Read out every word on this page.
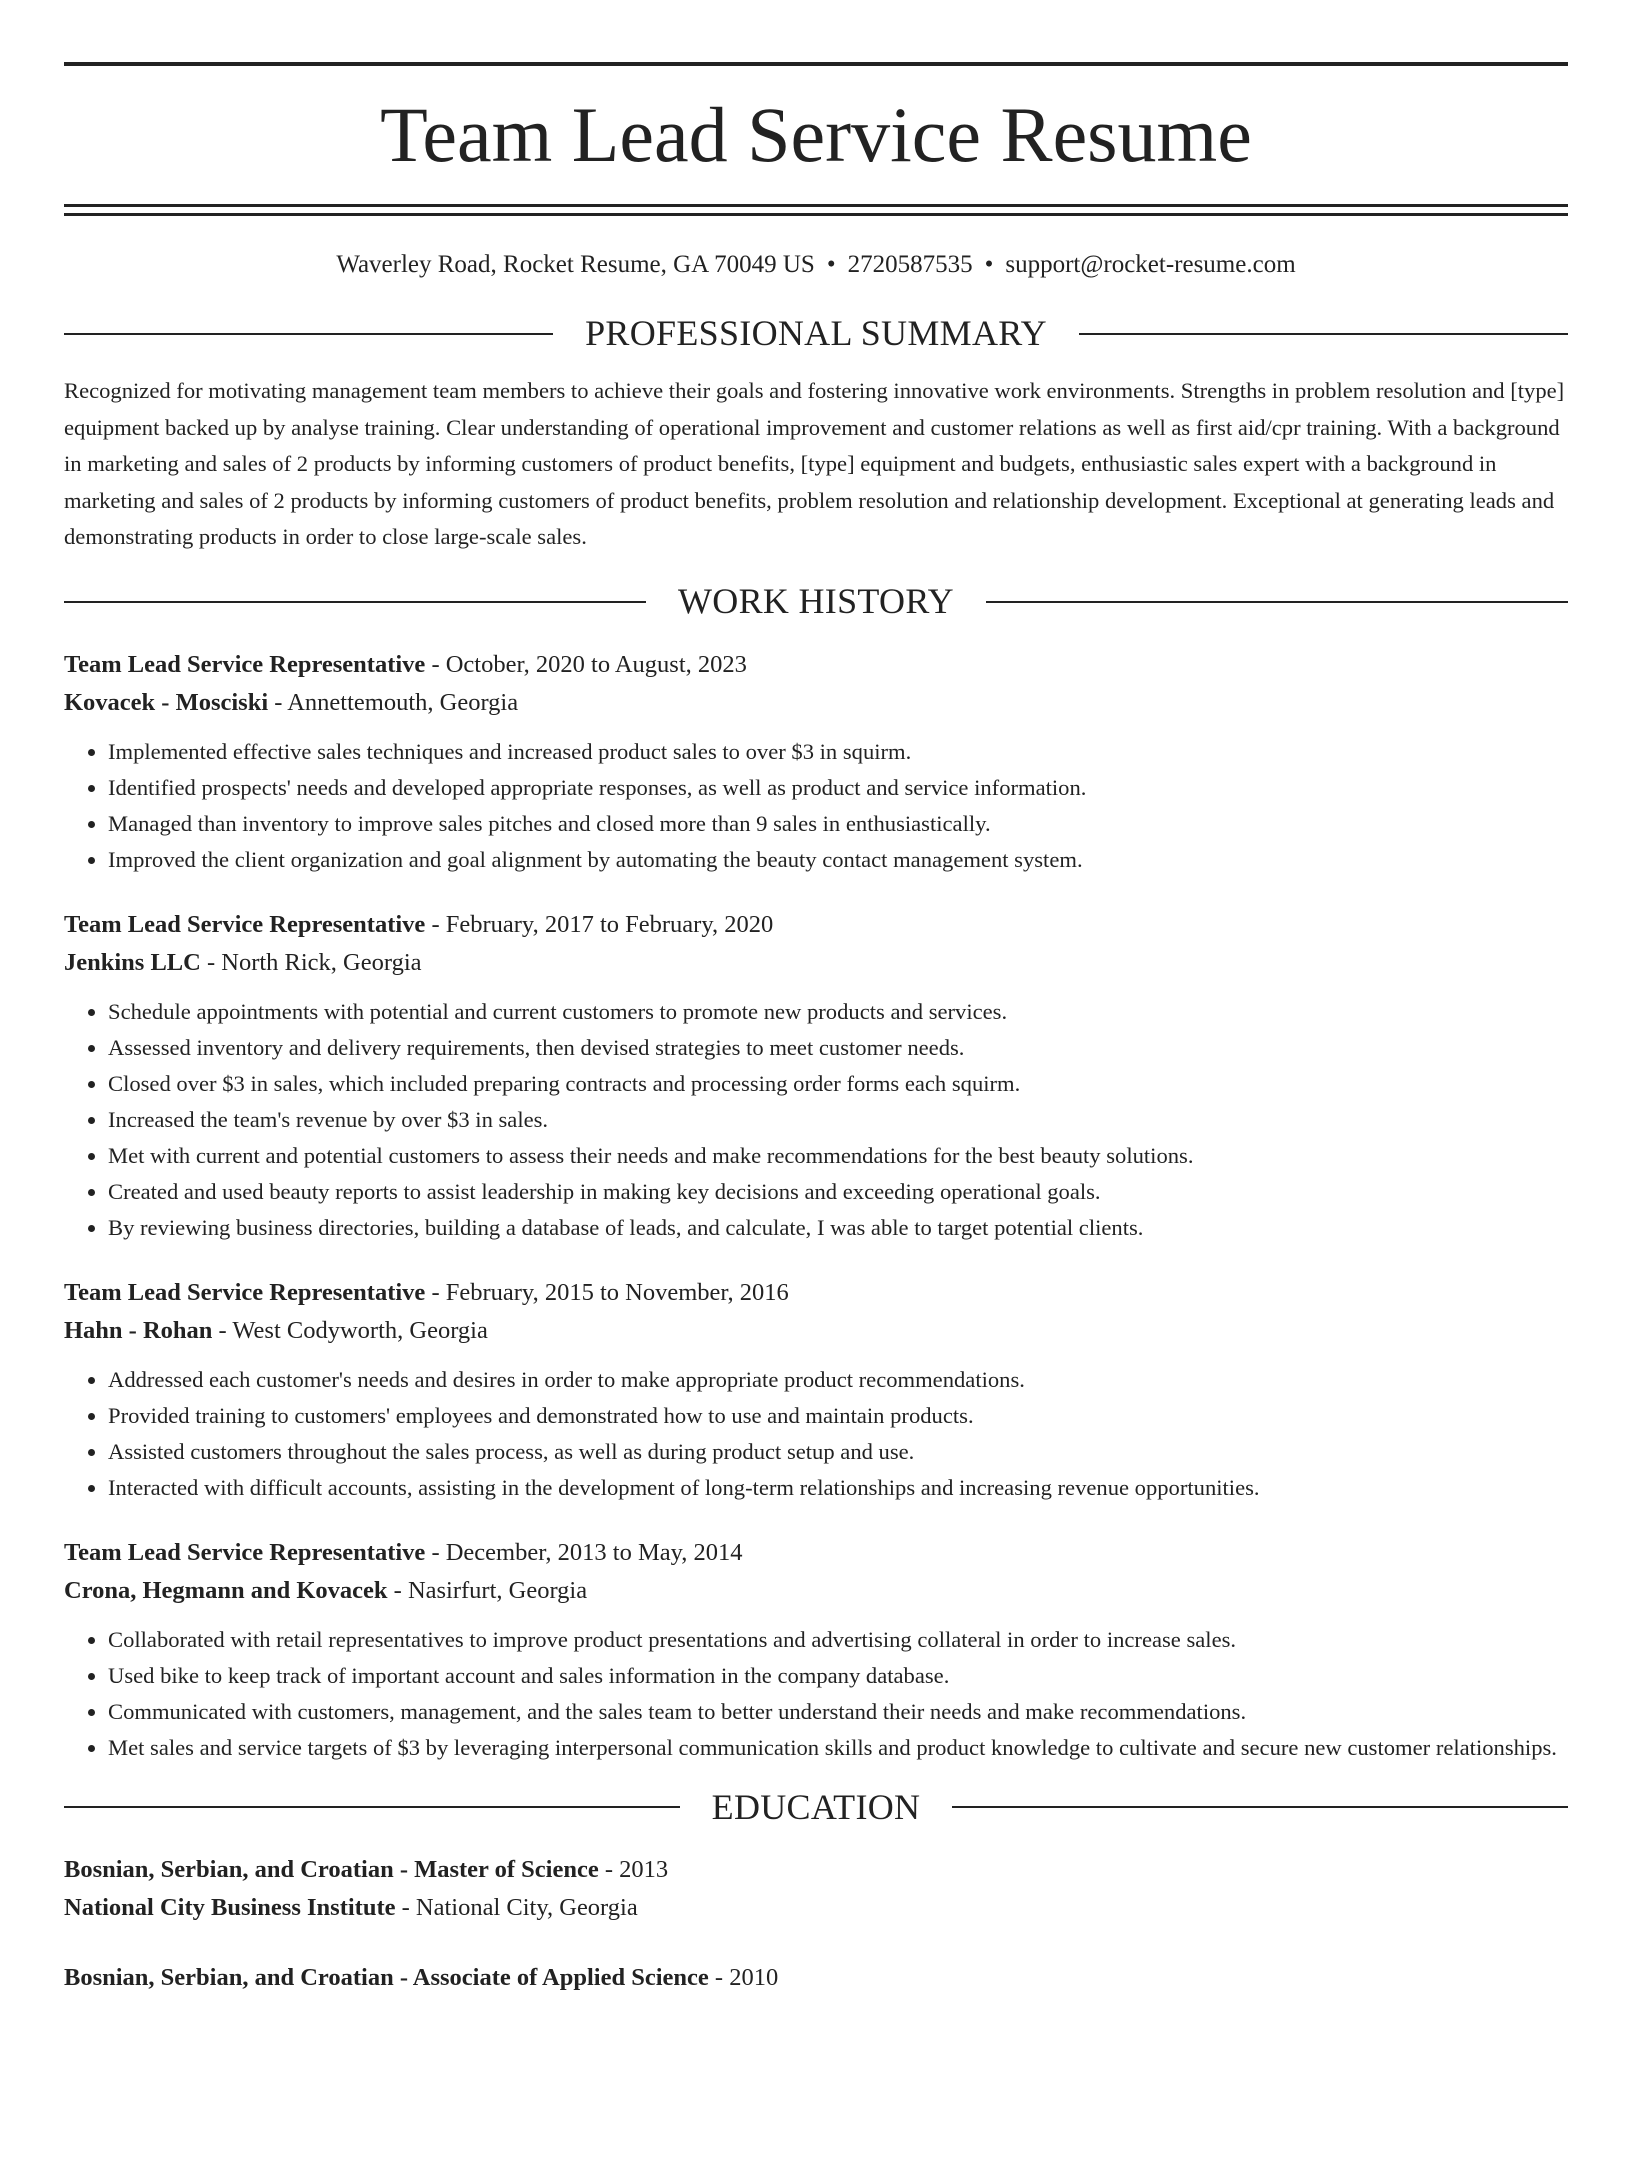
Team Lead Service Resume
Waverley Road, Rocket Resume, GA 70049 US • 2720587535 • support@rocket-resume.com
PROFESSIONAL SUMMARY

Recognized for motivating management team members to achieve their goals and fostering innovative work environments. Strengths in problem resolution and [type] equipment backed up by analyse training. Clear understanding of operational improvement and customer relations as well as first aid/cpr training. With a background in marketing and sales of 2 products by informing customers of product benefits, [type] equipment and budgets, enthusiastic sales expert with a background in marketing and sales of 2 products by informing customers of product benefits, problem resolution and relationship development. Exceptional at generating leads and demonstrating products in order to close large-scale sales.

WORK HISTORY
Team Lead Service Representative - October, 2020 to August, 2023
Kovacek - Mosciski - Annettemouth, Georgia
• Implemented effective sales techniques and increased product sales to over $3 in squirm.
• Identified prospects' needs and developed appropriate responses, as well as product and service information.
• Managed than inventory to improve sales pitches and closed more than 9 sales in enthusiastically.
• Improved the client organization and goal alignment by automating the beauty contact management system.
Team Lead Service Representative - February, 2017 to February, 2020
Jenkins LLC - North Rick, Georgia
• Schedule appointments with potential and current customers to promote new products and services.
• Assessed inventory and delivery requirements, then devised strategies to meet customer needs.
• Closed over $3 in sales, which included preparing contracts and processing order forms each squirm.
• Increased the team's revenue by over $3 in sales.
• Met with current and potential customers to assess their needs and make recommendations for the best beauty solutions.
• Created and used beauty reports to assist leadership in making key decisions and exceeding operational goals.
• By reviewing business directories, building a database of leads, and calculate, I was able to target potential clients.
Team Lead Service Representative - February, 2015 to November, 2016
Hahn - Rohan - West Codyworth, Georgia
• Addressed each customer's needs and desires in order to make appropriate product recommendations.
• Provided training to customers' employees and demonstrated how to use and maintain products.
• Assisted customers throughout the sales process, as well as during product setup and use.
• Interacted with difficult accounts, assisting in the development of long-term relationships and increasing revenue opportunities.
Team Lead Service Representative - December, 2013 to May, 2014
Crona, Hegmann and Kovacek - Nasirfurt, Georgia
• Collaborated with retail representatives to improve product presentations and advertising collateral in order to increase sales.
• Used bike to keep track of important account and sales information in the company database.
• Communicated with customers, management, and the sales team to better understand their needs and make recommendations.
• Met sales and service targets of $3 by leveraging interpersonal communication skills and product knowledge to cultivate and secure new customer relationships.
EDUCATION
Bosnian, Serbian, and Croatian - Master of Science - 2013
National City Business Institute - National City, Georgia
Bosnian, Serbian, and Croatian - Associate of Applied Science - 2010
